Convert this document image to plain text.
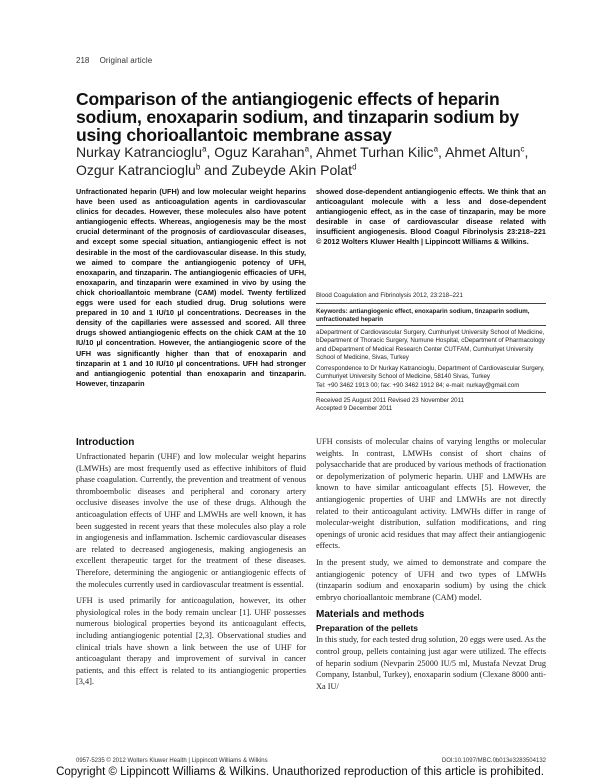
218 Original article
Comparison of the antiangiogenic effects of heparin sodium, enoxaparin sodium, and tinzaparin sodium by using chorioallantoic membrane assay
Nurkay Katrancioglu$^a$, Oguz Karahan$^a$, Ahmet Turhan Kilic$^a$, Ahmet Altun$^c$,
Ozgur Katrancioglu$^b$ and Zubeyde Akin Polat$^d$
Unfractionated heparin (UFH) and low molecular weight heparins have been used as anticoagulation agents in cardiovascular clinics for decades. However, these molecules also have potent antiangiogenic effects. Whereas, angiogenesis may be the most crucial determinant of the prognosis of cardiovascular diseases, and except some special situation, antiangiogenic effect is not desirable in the most of the cardiovascular disease. In this study, we aimed to compare the antiangiogenic potency of UFH, enoxaparin, and tinzaparin. The antiangiogenic efficacies of UFH, enoxaparin, and tinzaparin were examined in vivo by using the chick chorioallantoic membrane (CAM) model. Twenty fertilized eggs were used for each studied drug. Drug solutions were prepared in 10 and 1 IU/10 µl concentrations. Decreases in the density of the capillaries were assessed and scored. All three drugs showed antiangiogenic effects on the chick CAM at the 10 IU/10 µl concentration. However, the antiangiogenic score of the UFH was significantly higher than that of enoxaparin and tinzaparin at 1 and 10 IU/10 µl concentrations. UFH had stronger and antiangiogenic potential than enoxaparin and tinzaparin. However, tinzaparin
showed dose-dependent antiangiogenic effects. We think that an anticoagulant molecule with a less and dose-dependent antiangiogenic effect, as in the case of tinzaparin, may be more desirable in case of cardiovascular disease related with insufficient angiogenesis. Blood Coagul Fibrinolysis 23:218–221 © 2012 Wolters Kluwer Health | Lippincott Williams & Wilkins.
Blood Coagulation and Fibrinolysis 2012, 23:218–221
Keywords: antiangiogenic effect, enoxaparin sodium, tinzaparin sodium, unfractionated heparin
aDepartment of Cardiovascular Surgery, Cumhuriyet University School of Medicine, bDepartment of Thoracic Surgery, Numune Hospital, cDepartment of Pharmacology and dDepartment of Medical Research Center CUTFAM, Cumhuriyet University School of Medicine, Sivas, Turkey
Correspondence to Dr Nurkay Katrancioglu, Department of Cardiovascular Surgery, Cumhuriyet University School of Medicine, 58140 Sivas, Turkey
Tel: +90 3462 1913 00; fax: +90 3462 1912 84; e-mail: nurkay@gmail.com
Received 25 August 2011 Revised 23 November 2011
Accepted 9 December 2011
Introduction

Unfractionated heparin (UHF) and low molecular weight heparins (LMWHs) are most frequently used as effective inhibitors of fluid phase coagulation. Currently, the prevention and treatment of venous thromboembolic diseases and peripheral and coronary artery occlusive diseases involve the use of these drugs. Although the anticoagulation effects of UHF and LMWHs are well known, it has been suggested in recent years that these molecules also play a role in angiogenesis and inflammation. Ischemic cardiovascular diseases are related to decreased angiogenesis, making angiogenesis an excellent therapeutic target for the treatment of these diseases. Therefore, determining the angiogenic or antiangiogenic effects of the molecules currently used in cardiovascular treatment is essential.

UFH is used primarily for anticoagulation, however, its other physiological roles in the body remain unclear [1]. UHF possesses numerous biological properties beyond its anticoagulant effects, including antiangiogenic potential [2,3]. Observational studies and clinical trials have shown a link between the use of UHF for anticoagulant therapy and improvement of survival in cancer patients, and this effect is related to its antiangiogenic properties [3,4].

UFH consists of molecular chains of varying lengths or molecular weights. In contrast, LMWHs consist of short chains of polysaccharide that are produced by various methods of fractionation or depolymerization of polymeric heparin. UHF and LMWHs are known to have similar anticoagulant effects [5]. However, the antiangiogenic properties of UHF and LMWHs are not directly related to their anticoagulant activity. LMWHs differ in range of molecular-weight distribution, sulfation modifications, and ring openings of uronic acid residues that may affect their antiangiogenic effects.

In the present study, we aimed to demonstrate and compare the antiangiogenic potency of UFH and two types of LMWHs (tinzaparin sodium and enoxaparin sodium) by using the chick embryo chorioallantoic membrane (CAM) model.

Materials and methods
Preparation of the pellets

In this study, for each tested drug solution, 20 eggs were used. As the control group, pellets containing just agar were utilized. The effects of heparin sodium (Nevparin 25000 IU/5 ml, Mustafa Nevzat Drug Company, Istanbul, Turkey), enoxaparin sodium (Clexane 8000 anti-Xa IU/

0957-5235 © 2012 Wolters Kluwer Health | Lippincott Williams & Wilkins	DOI:10.1097/MBC.0b013e3283504132
Copyright © Lippincott Williams & Wilkins. Unauthorized reproduction of this article is prohibited.
